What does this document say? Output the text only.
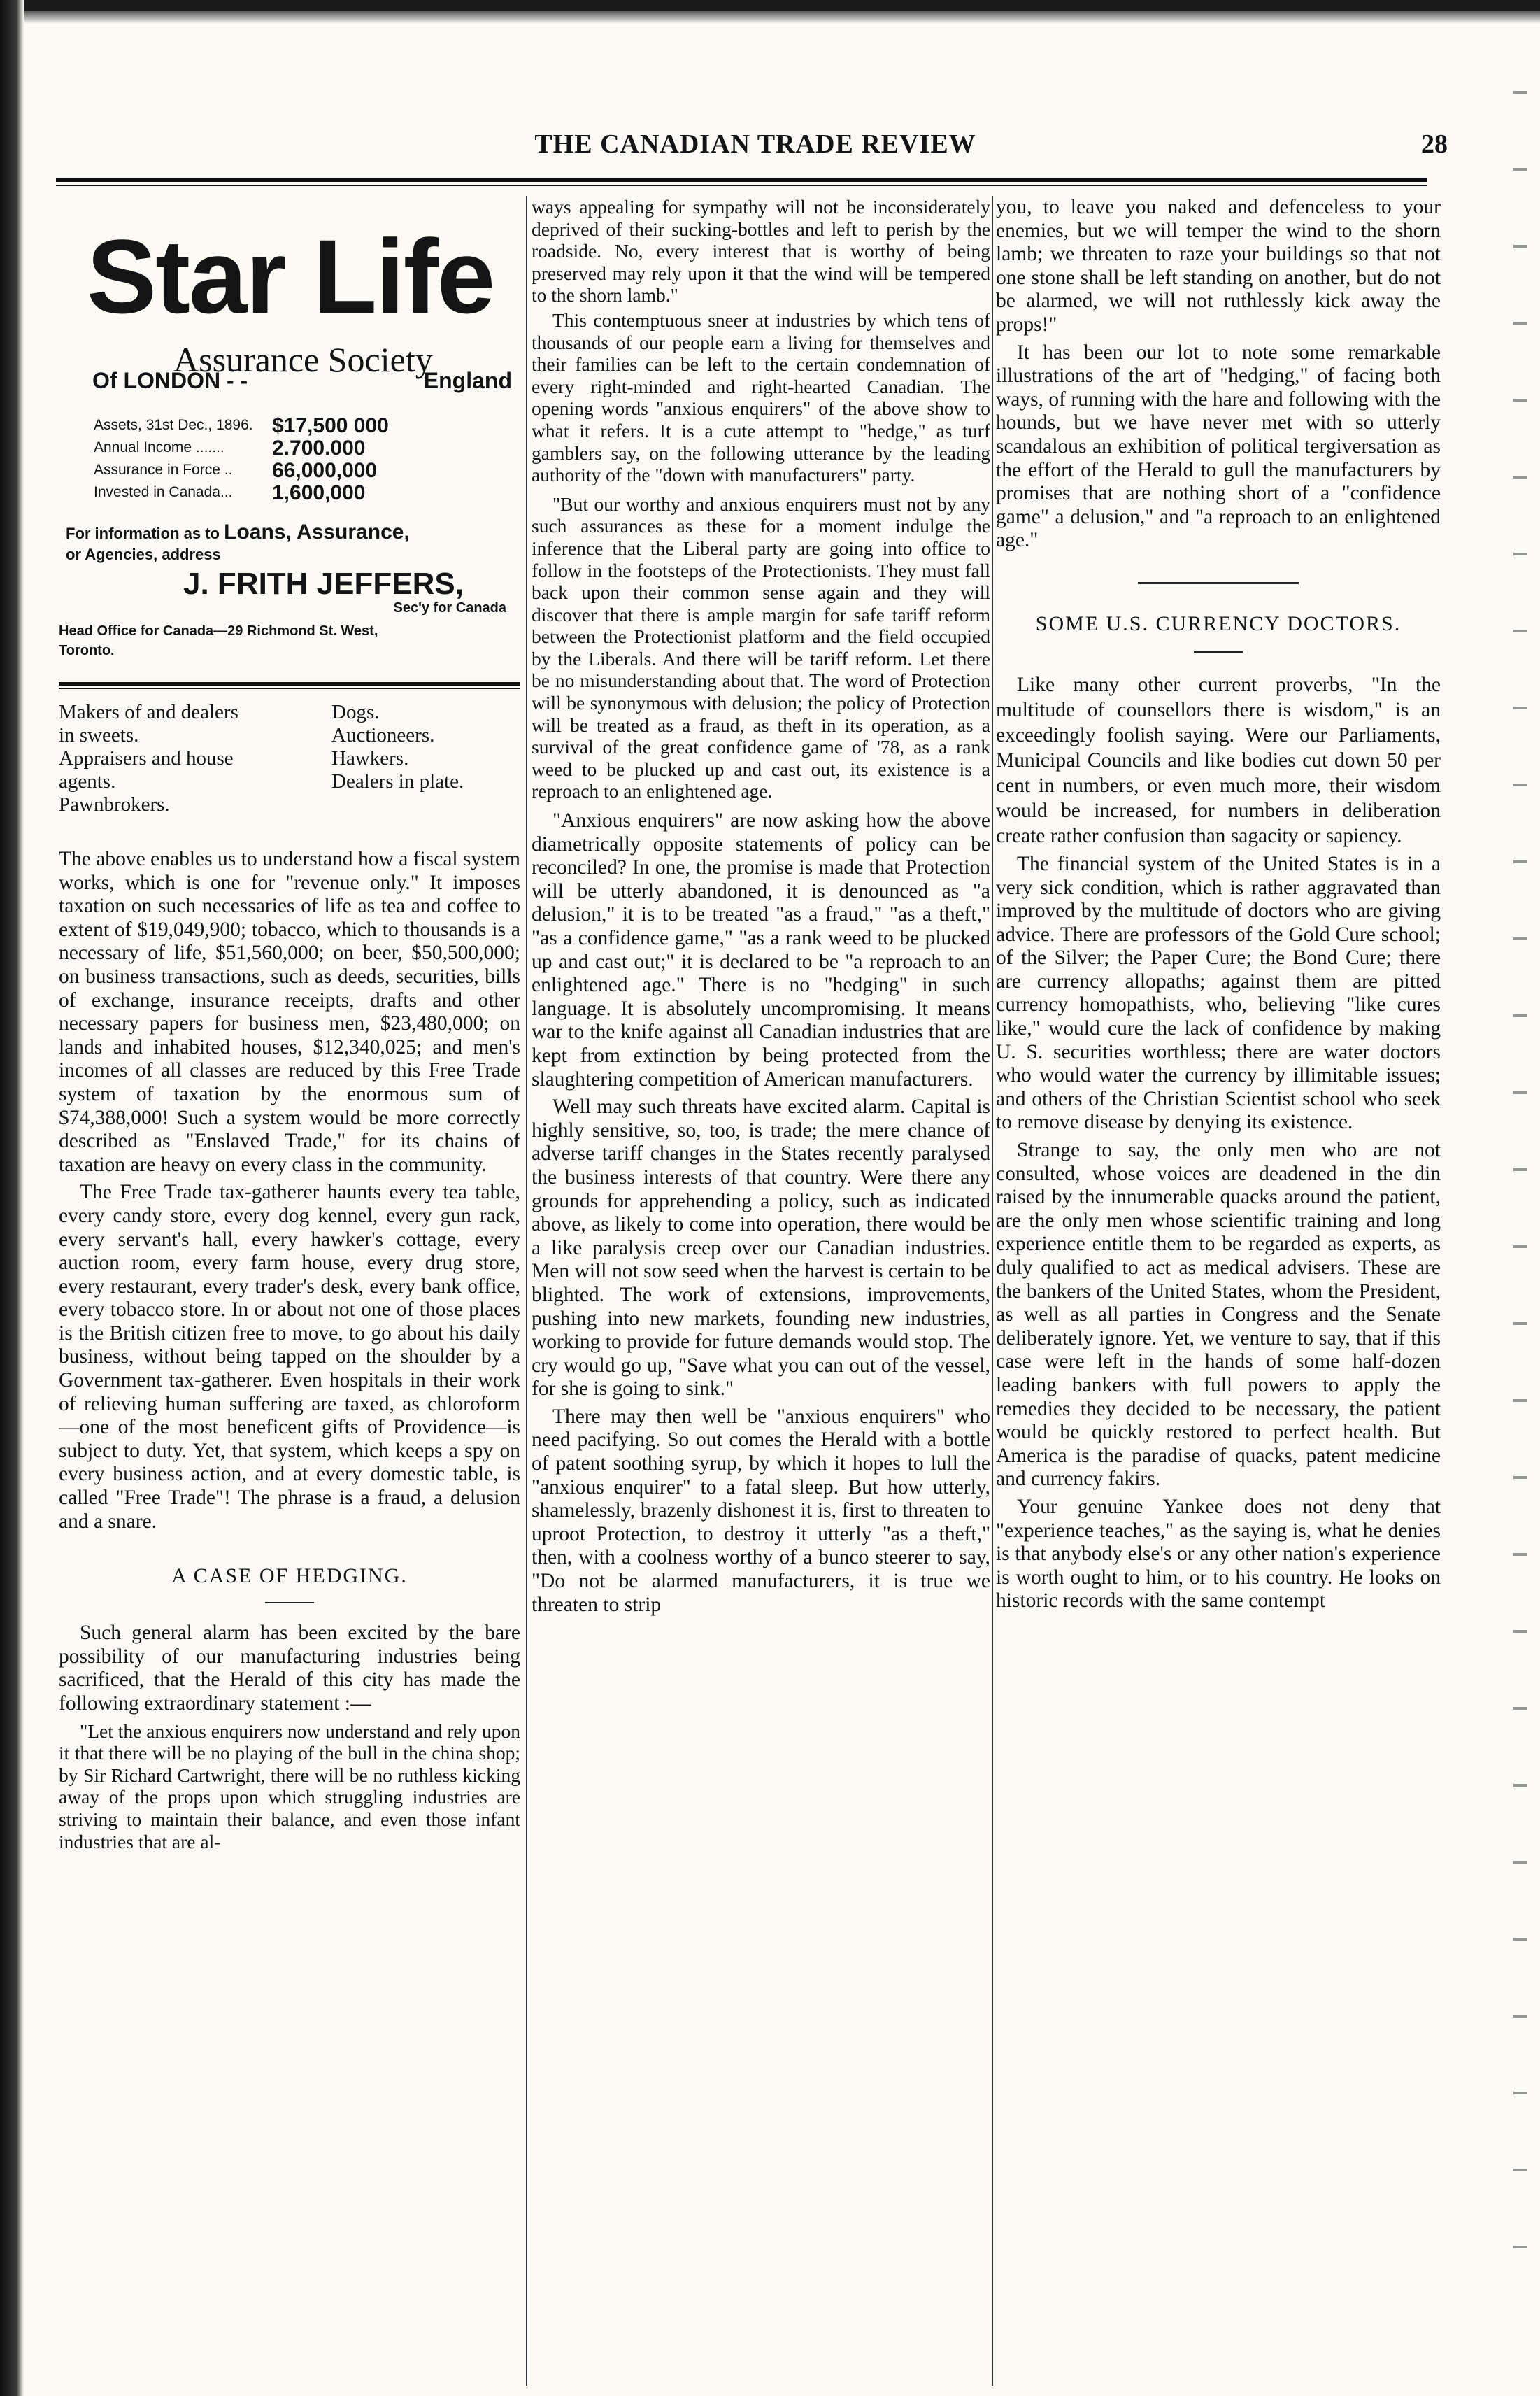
THE CANADIAN TRADE REVIEW	28
Star Life
Assurance Society
Of LONDON - -	England
Assets, 31st Dec., 1896. $17,500 000
Annual Income ....... 2.700.000
Assurance in Force .. 66,000,000
Invested in Canada... 1,600,000
For information as to Loans, Assurance,
or Agencies, address
J. FRITH JEFFERS,
Sec'y for Canada
Head Office for Canada—29 Richmond St. West,
Toronto.
Makers of and dealers
in sweets.
Appraisers and house
agents.
Pawnbrokers.
Dogs.
Auctioneers.
Hawkers.
Dealers in plate.

The above enables us to understand how a fiscal system works, which is one for "revenue only." It imposes taxation on such necessaries of life as tea and coffee to extent of $19,049,900; tobacco, which to thousands is a necessary of life, $51,560,000; on beer, $50,500,000; on business transactions, such as deeds, securities, bills of exchange, insurance receipts, drafts and other necessary papers for business men, $23,480,000; on lands and inhabited houses, $12,340,025; and men's incomes of all classes are reduced by this Free Trade system of taxation by the enormous sum of $74,388,000! Such a system would be more correctly described as "Enslaved Trade," for its chains of taxation are heavy on every class in the community.

The Free Trade tax-gatherer haunts every tea table, every candy store, every dog kennel, every gun rack, every servant's hall, every hawker's cottage, every auction room, every farm house, every drug store, every restaurant, every trader's desk, every bank office, every tobacco store. In or about not one of those places is the British citizen free to move, to go about his daily business, without being tapped on the shoulder by a Government tax-gatherer. Even hospitals in their work of relieving human suffering are taxed, as chloroform—one of the most beneficent gifts of Providence—is subject to duty. Yet, that system, which keeps a spy on every business action, and at every domestic table, is called "Free Trade"! The phrase is a fraud, a delusion and a snare.

A CASE OF HEDGING.

Such general alarm has been excited by the bare possibility of our manufacturing industries being sacrificed, that the Herald of this city has made the following extraordinary statement :—

"Let the anxious enquirers now understand and rely upon it that there will be no playing of the bull in the china shop; by Sir Richard Cartwright, there will be no ruthless kicking away of the props upon which struggling industries are striving to maintain their balance, and even those infant industries that are al-

ways appealing for sympathy will not be inconsiderately deprived of their sucking-bottles and left to perish by the roadside. No, every interest that is worthy of being preserved may rely upon it that the wind will be tempered to the shorn lamb."

This contemptuous sneer at industries by which tens of thousands of our people earn a living for themselves and their families can be left to the certain condemnation of every right-minded and right-hearted Canadian. The opening words "anxious enquirers" of the above show to what it refers. It is a cute attempt to "hedge," as turf gamblers say, on the following utterance by the leading authority of the "down with manufacturers" party.

"But our worthy and anxious enquirers must not by any such assurances as these for a moment indulge the inference that the Liberal party are going into office to follow in the footsteps of the Protectionists. They must fall back upon their common sense again and they will discover that there is ample margin for safe tariff reform between the Protectionist platform and the field occupied by the Liberals. And there will be tariff reform. Let there be no misunderstanding about that. The word of Protection will be synonymous with delusion; the policy of Protection will be treated as a fraud, as theft in its operation, as a survival of the great confidence game of '78, as a rank weed to be plucked up and cast out, its existence is a reproach to an enlightened age.

"Anxious enquirers" are now asking how the above diametrically opposite statements of policy can be reconciled? In one, the promise is made that Protection will be utterly abandoned, it is denounced as "a delusion," it is to be treated "as a fraud," "as a theft," "as a confidence game," "as a rank weed to be plucked up and cast out;" it is declared to be "a reproach to an enlightened age." There is no "hedging" in such language. It is absolutely uncompromising. It means war to the knife against all Canadian industries that are kept from extinction by being protected from the slaughtering competition of American manufacturers.

Well may such threats have excited alarm. Capital is highly sensitive, so, too, is trade; the mere chance of adverse tariff changes in the States recently paralysed the business interests of that country. Were there any grounds for apprehending a policy, such as indicated above, as likely to come into operation, there would be a like paralysis creep over our Canadian industries. Men will not sow seed when the harvest is certain to be blighted. The work of extensions, improvements, pushing into new markets, founding new industries, working to provide for future demands would stop. The cry would go up, "Save what you can out of the vessel, for she is going to sink."

There may then well be "anxious enquirers" who need pacifying. So out comes the Herald with a bottle of patent soothing syrup, by which it hopes to lull the "anxious enquirer" to a fatal sleep. But how utterly, shamelessly, brazenly dishonest it is, first to threaten to uproot Protection, to destroy it utterly "as a theft," then, with a coolness worthy of a bunco steerer to say, "Do not be alarmed manufacturers, it is true we threaten to strip

you, to leave you naked and defenceless to your enemies, but we will temper the wind to the shorn lamb; we threaten to raze your buildings so that not one stone shall be left standing on another, but do not be alarmed, we will not ruthlessly kick away the props!"

It has been our lot to note some remarkable illustrations of the art of "hedging," of facing both ways, of running with the hare and following with the hounds, but we have never met with so utterly scandalous an exhibition of political tergiversation as the effort of the Herald to gull the manufacturers by promises that are nothing short of a "confidence game" a delusion," and "a reproach to an enlightened age."

SOME U.S. CURRENCY DOCTORS.

Like many other current proverbs, "In the multitude of counsellors there is wisdom," is an exceedingly foolish saying. Were our Parliaments, Municipal Councils and like bodies cut down 50 per cent in numbers, or even much more, their wisdom would be increased, for numbers in deliberation create rather confusion than sagacity or sapiency.

The financial system of the United States is in a very sick condition, which is rather aggravated than improved by the multitude of doctors who are giving advice. There are professors of the Gold Cure school; of the Silver; the Paper Cure; the Bond Cure; there are currency allopaths; against them are pitted currency homopathists, who, believing "like cures like," would cure the lack of confidence by making U. S. securities worthless; there are water doctors who would water the currency by illimitable issues; and others of the Christian Scientist school who seek to remove disease by denying its existence.

Strange to say, the only men who are not consulted, whose voices are deadened in the din raised by the innumerable quacks around the patient, are the only men whose scientific training and long experience entitle them to be regarded as experts, as duly qualified to act as medical advisers. These are the bankers of the United States, whom the President, as well as all parties in Congress and the Senate deliberately ignore. Yet, we venture to say, that if this case were left in the hands of some half-dozen leading bankers with full powers to apply the remedies they decided to be necessary, the patient would be quickly restored to perfect health. But America is the paradise of quacks, patent medicine and currency fakirs.

Your genuine Yankee does not deny that "experience teaches," as the saying is, what he denies is that anybody else's or any other nation's experience is worth ought to him, or to his country. He looks on historic records with the same contempt
